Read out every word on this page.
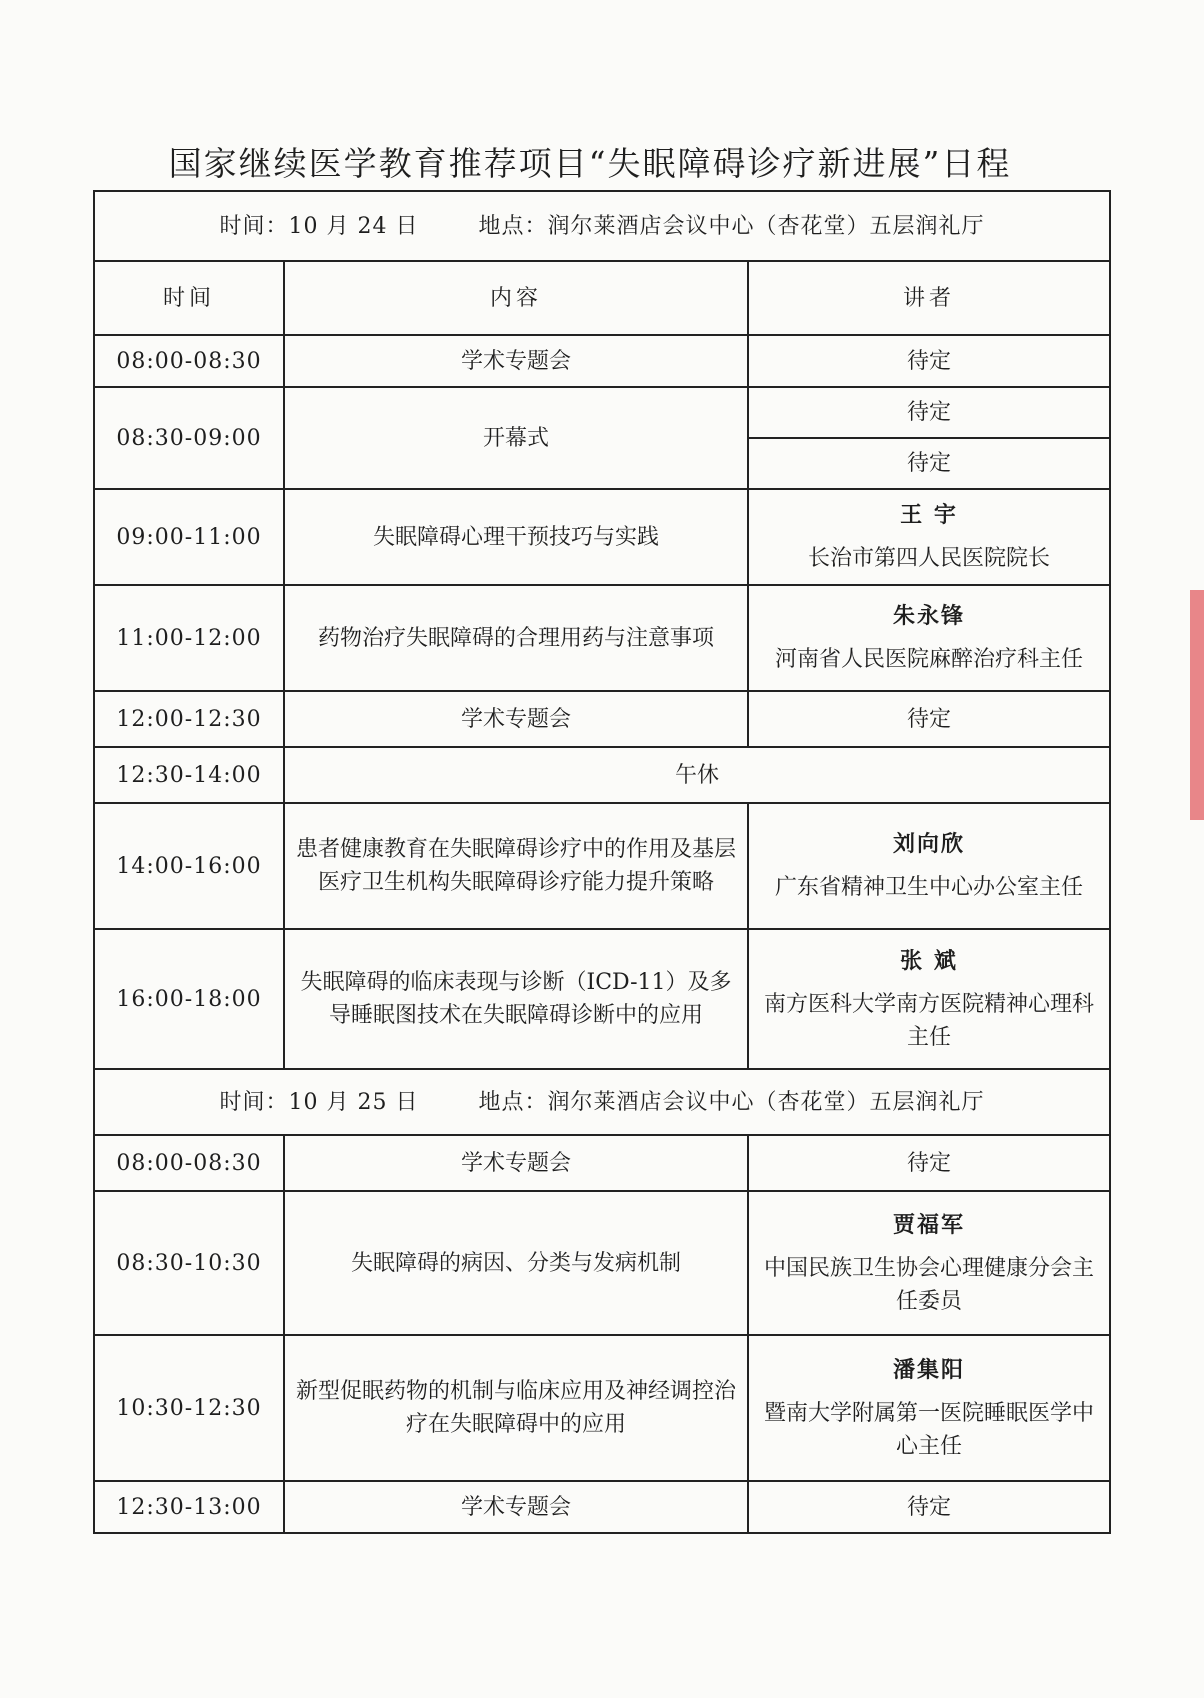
国家继续医学教育推荐项目“失眠障碍诊疗新进展”日程
时间：10 月 24 日 地点：润尔莱酒店会议中心（杏花堂）五层润礼厅		
时间	内容	讲者
08:00-08:30	学术专题会	待定
08:30-09:00	开幕式	待定
		待定
09:00-11:00	失眠障碍心理干预技巧与实践	王 宇
长治市第四人民医院院长

11:00-12:00	药物治疗失眠障碍的合理用药与注意事项	朱永锋
河南省人民医院麻醉治疗科主任

12:00-12:30	学术专题会	待定
12:30-14:00	午休	
14:00-16:00	患者健康教育在失眠障碍诊疗中的作用及基层医疗卫生机构失眠障碍诊疗能力提升策略	刘向欣
广东省精神卫生中心办公室主任

16:00-18:00	失眠障碍的临床表现与诊断（ICD-11）及多导睡眠图技术在失眠障碍诊断中的应用	张 斌
南方医科大学南方医院精神心理科主任

时间：10 月 25 日 地点：润尔莱酒店会议中心（杏花堂）五层润礼厅		
08:00-08:30	学术专题会	待定
08:30-10:30	失眠障碍的病因、分类与发病机制	贾福军
中国民族卫生协会心理健康分会主任委员

10:30-12:30	新型促眠药物的机制与临床应用及神经调控治疗在失眠障碍中的应用	潘集阳
暨南大学附属第一医院睡眠医学中心主任

12:30-13:00	学术专题会	待定
